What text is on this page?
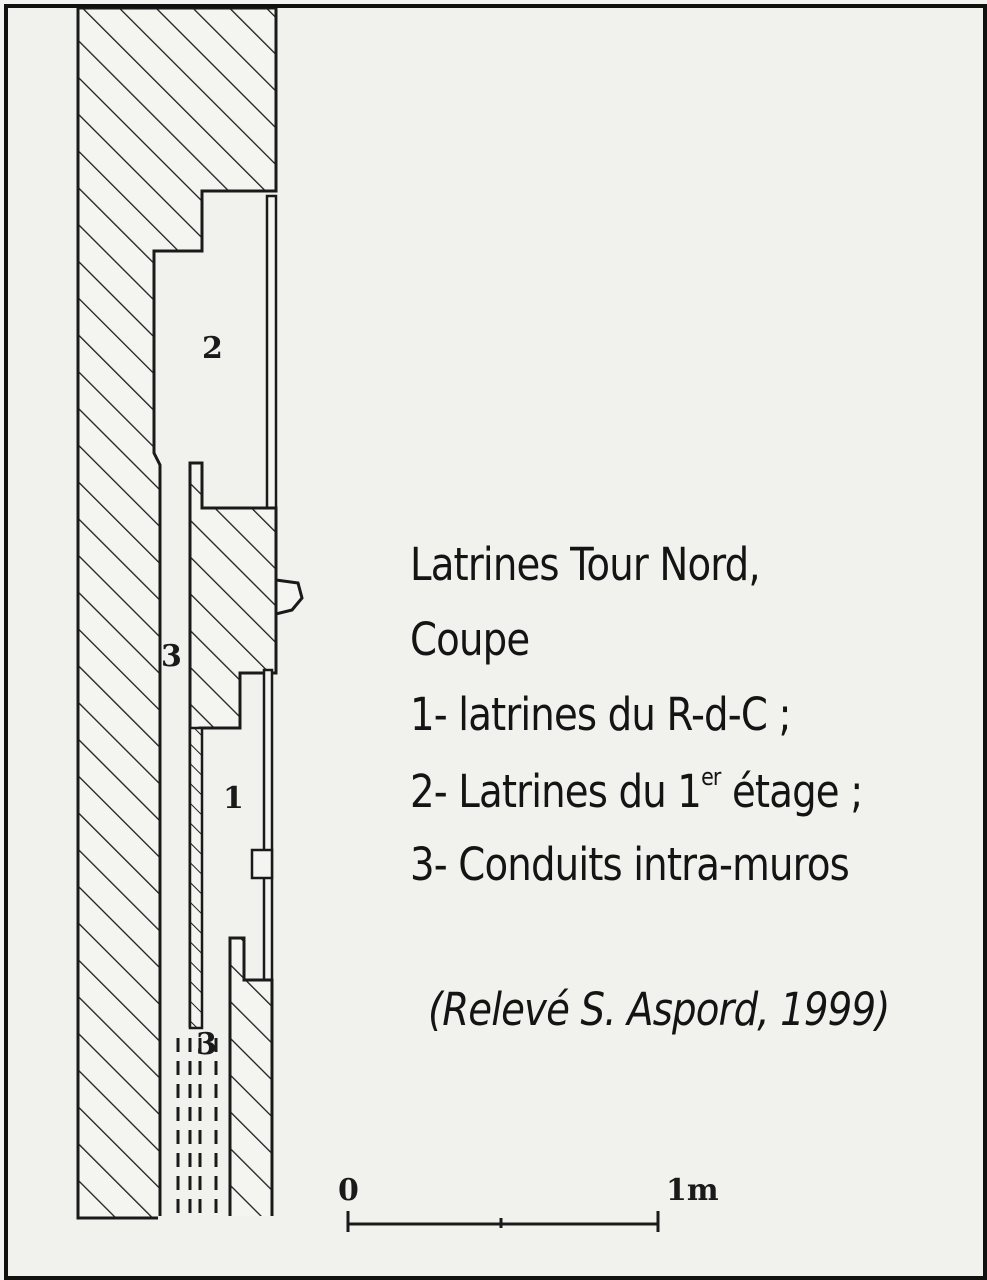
2
1
3
3
0	1m
Latrines Tour Nord,
Coupe
1- latrines du R-d-C ;
2- Latrines du 1er étage ;
3- Conduits intra-muros
(Relevé S. Aspord, 1999)
